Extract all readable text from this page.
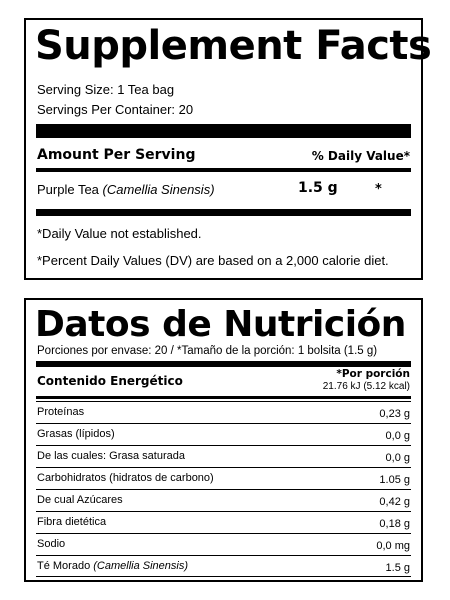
Supplement Facts
Serving Size: 1 Tea bag
Servings Per Container: 20
Amount Per Serving	% Daily Value*
Purple Tea (Camellia Sinensis)	1.5 g	*
*Daily Value not established.
*Percent Daily Values (DV) are based on a 2,000 calorie diet.
Datos de Nutrición
Porciones por envase: 20 / *Tamaño de la porción: 1 bolsita (1.5 g)
Contenido Energético	*Por porción
21.76 kJ (5.12 kcal)
Proteínas	0,23 g
Grasas (lípidos)	0,0 g
De las cuales: Grasa saturada	0,0 g
Carbohidratos (hidratos de carbono)	1.05 g
De cual Azúcares	0,42 g
Fibra dietética	0,18 g
Sodio	0,0 mg
Té Morado (Camellia Sinensis)	1.5 g
